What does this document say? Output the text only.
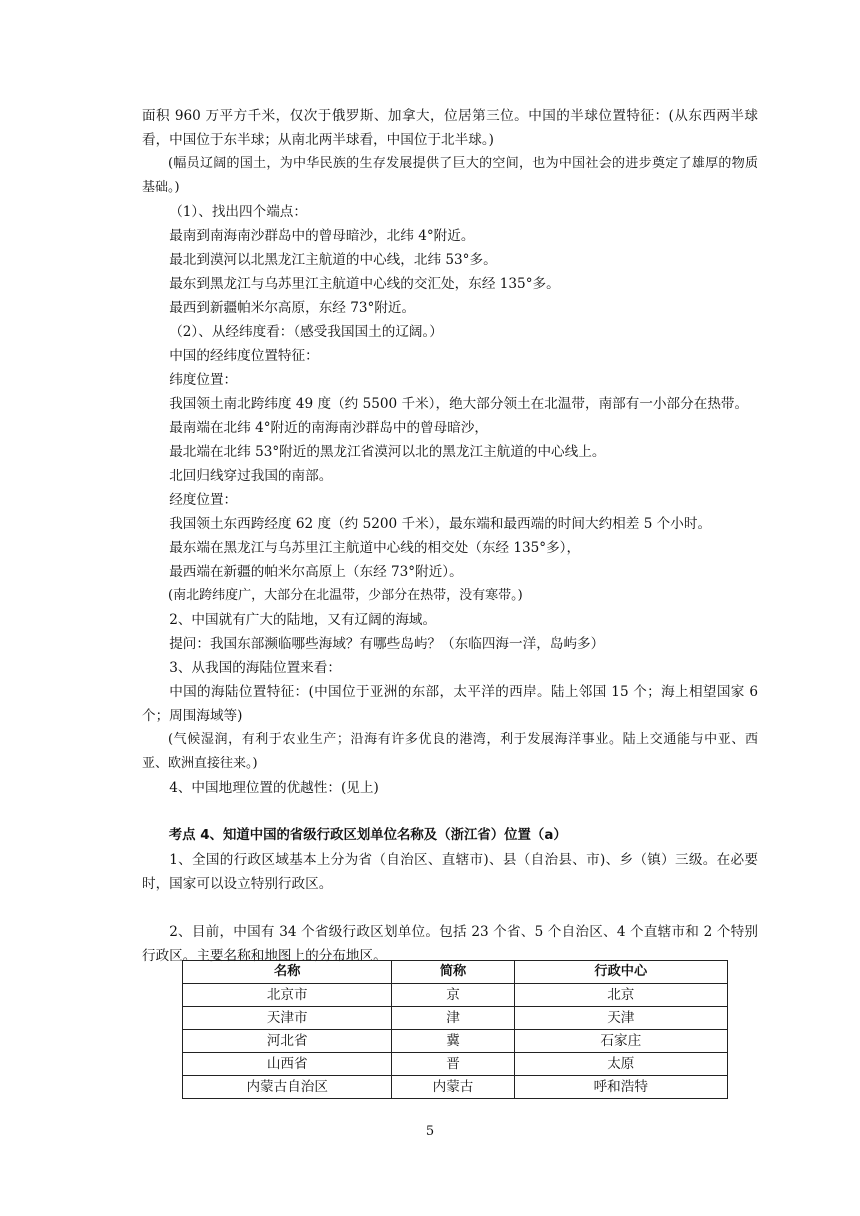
面积 960 万平方千米，仅次于俄罗斯、加拿大，位居第三位。中国的半球位置特征：(从东西两半球看，中国位于东半球；从南北两半球看，中国位于北半球。)

(幅员辽阔的国土，为中华民族的生存发展提供了巨大的空间，也为中国社会的进步奠定了雄厚的物质基础。)

（1）、找出四个端点：

最南到南海南沙群岛中的曾母暗沙，北纬 4°附近。

最北到漠河以北黑龙江主航道的中心线，北纬 53°多。

最东到黑龙江与乌苏里江主航道中心线的交汇处，东经 135°多。

最西到新疆帕米尔高原，东经 73°附近。

（2）、从经纬度看：（感受我国国土的辽阔。）

中国的经纬度位置特征：

纬度位置：

我国领土南北跨纬度 49 度（约 5500 千米），绝大部分领土在北温带，南部有一小部分在热带。

最南端在北纬 4°附近的南海南沙群岛中的曾母暗沙，

最北端在北纬 53°附近的黑龙江省漠河以北的黑龙江主航道的中心线上。

北回归线穿过我国的南部。

经度位置：

我国领土东西跨经度 62 度（约 5200 千米），最东端和最西端的时间大约相差 5 个小时。

最东端在黑龙江与乌苏里江主航道中心线的相交处（东经 135°多），

最西端在新疆的帕米尔高原上（东经 73°附近）。

(南北跨纬度广，大部分在北温带，少部分在热带，没有寒带。)

2、中国就有广大的陆地，又有辽阔的海域。

提问：我国东部濒临哪些海域？有哪些岛屿？（东临四海一洋，岛屿多）

3、从我国的海陆位置来看：

中国的海陆位置特征：(中国位于亚洲的东部，太平洋的西岸。陆上邻国 15 个；海上相望国家 6 个；周围海域等)

(气候湿润，有利于农业生产；沿海有许多优良的港湾，利于发展海洋事业。陆上交通能与中亚、西亚、欧洲直接往来。)

4、中国地理位置的优越性：(见上)

考点 4、知道中国的省级行政区划单位名称及（浙江省）位置（a）

1、全国的行政区域基本上分为省（自治区、直辖市)、县（自治县、市)、乡（镇）三级。在必要时，国家可以设立特别行政区。

2、目前，中国有 34 个省级行政区划单位。包括 23 个省、5 个自治区、4 个直辖市和 2 个特别行政区。主要名称和地图上的分布地区。

名称	简称	行政中心
北京市	京	北京
天津市	津	天津
河北省	冀	石家庄
山西省	晋	太原
内蒙古自治区	内蒙古	呼和浩特
5
